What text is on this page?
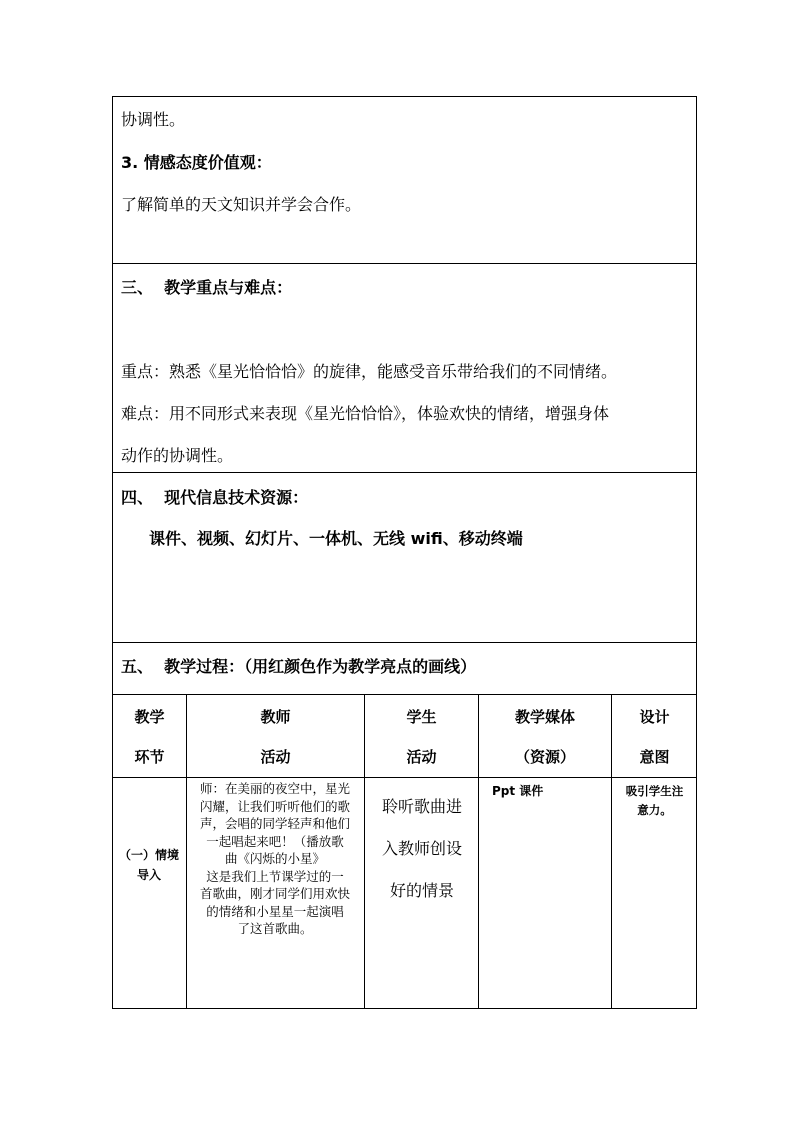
协调性。
3. 情感态度价值观：
了解简单的天文知识并学会合作。
三、  教学重点与难点：
重点：熟悉《星光恰恰恰》的旋律，能感受音乐带给我们的不同情绪。
难点：用不同形式来表现《星光恰恰恰》，体验欢快的情绪，增强身体
动作的协调性。
四、  现代信息技术资源：
课件、视频、幻灯片、一体机、无线 wifi、移动终端
五、  教学过程：（用红颜色作为教学亮点的画线）
教学
环节
教师
活动
学生
活动
教学媒体
（资源）
设计
意图
（一）情境导入
师：在美丽的夜空中，星光
闪耀，让我们听听他们的歌
声，会唱的同学轻声和他们
一起唱起来吧！（播放歌
曲《闪烁的小星》
这是我们上节课学过的一
首歌曲，刚才同学们用欢快
的情绪和小星星一起演唱
了这首歌曲。
聆听歌曲进
入教师创设
好的情景
Ppt 课件	吸引学生注
意力。
